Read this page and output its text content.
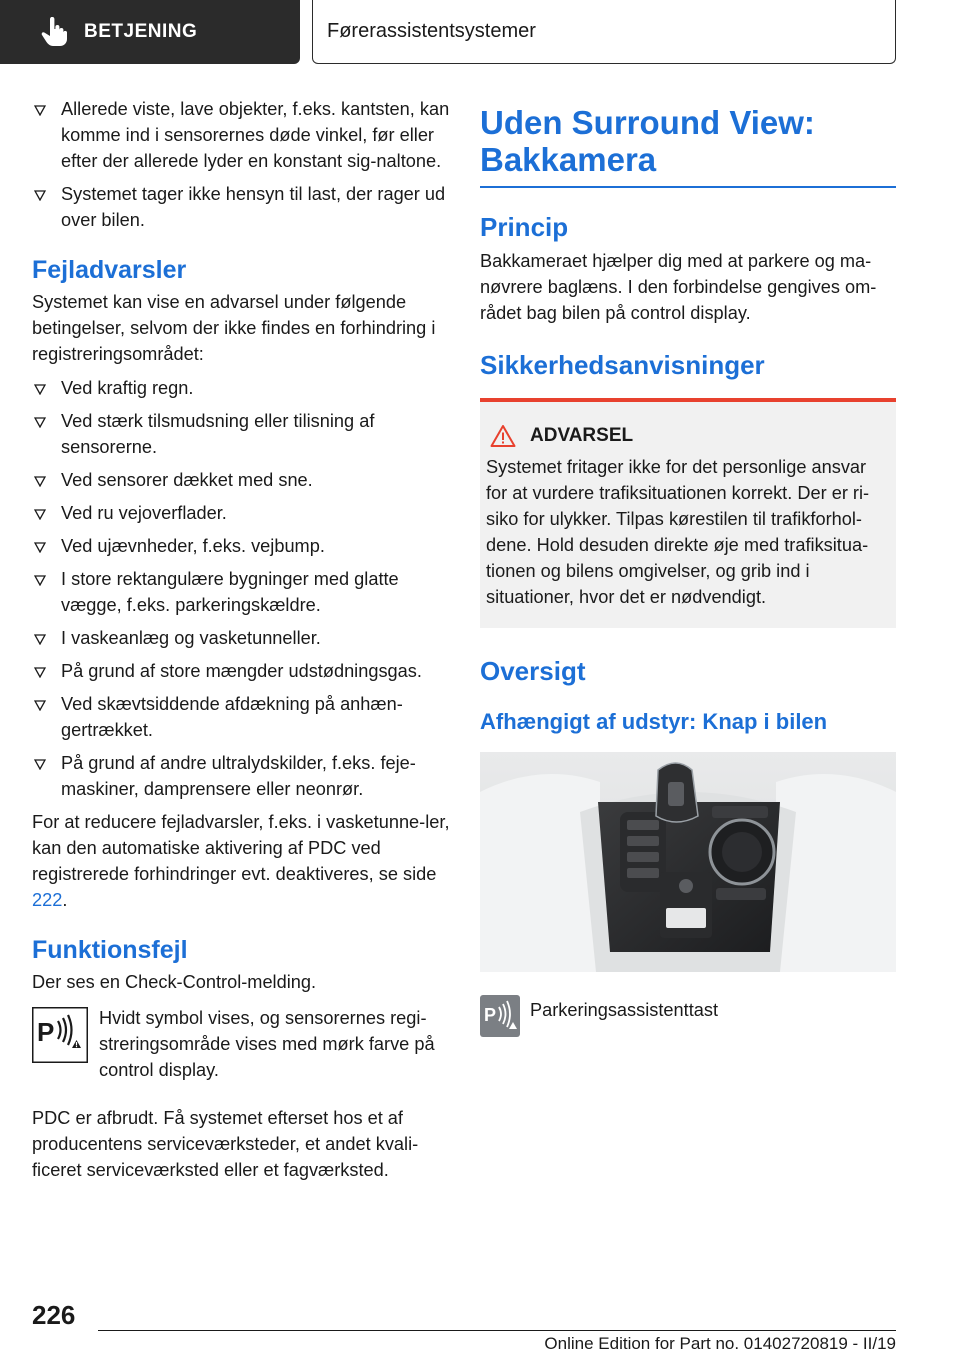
BETJENING	Førerassistentsystemer
Allerede viste, lave objekter, f.eks. kantsten, kan komme ind i sensorernes døde vinkel, før eller efter der allerede lyder en konstant sig‐naltone.
Systemet tager ikke hensyn til last, der rager ud over bilen.
Fejladvarsler

Systemet kan vise en advarsel under følgende betingelser, selvom der ikke findes en forhindring i registreringsområdet:

Ved kraftig regn.
Ved stærk tilsmudsning eller tilisning af sensorerne.
Ved sensorer dækket med sne.
Ved ru vejoverflader.
Ved ujævnheder, f.eks. vejbump.
I store rektangulære bygninger med glatte vægge, f.eks. parkeringskældre.
I vaskeanlæg og vasketunneller.
På grund af store mængder udstødningsgas.
Ved skævtsiddende afdækning på anhæn‐gertrækket.
På grund af andre ultralydskilder, f.eks. feje‐maskiner, damprensere eller neonrør.

For at reducere fejladvarsler, f.eks. i vasketunne‐ler, kan den automatiske aktivering af PDC ved registrerede forhindringer evt. deaktiveres, se side 222.

Funktionsfejl

Der ses en Check-Control-melding.

P Hvidt symbol vises, og sensorernes regi‐streringsområde vises med mørk farve på control display.

PDC er afbrudt. Få systemet efterset hos et af producentens serviceværksteder, et andet kvali‐ficeret serviceværksted eller et fagværksted.

Uden Surround View: Bakkamera
Princip

Bakkameraet hjælper dig med at parkere og ma‐nøvrere baglæns. I den forbindelse gengives om‐rådet bag bilen på control display.

Sikkerhedsanvisninger
ADVARSEL

Systemet fritager ikke for det personlige ansvar for at vurdere trafiksituationen korrekt. Der er ri‐siko for ulykker. Tilpas kørestilen til trafikforhol‐dene. Hold desuden direkte øje med trafiksitua‐tionen og bilens omgivelser, og grib ind i situationer, hvor det er nødvendigt.

Oversigt
Afhængigt af udstyr: Knap i bilen
P Parkeringsassistenttast
226
Online Edition for Part no. 01402720819 - II/19
